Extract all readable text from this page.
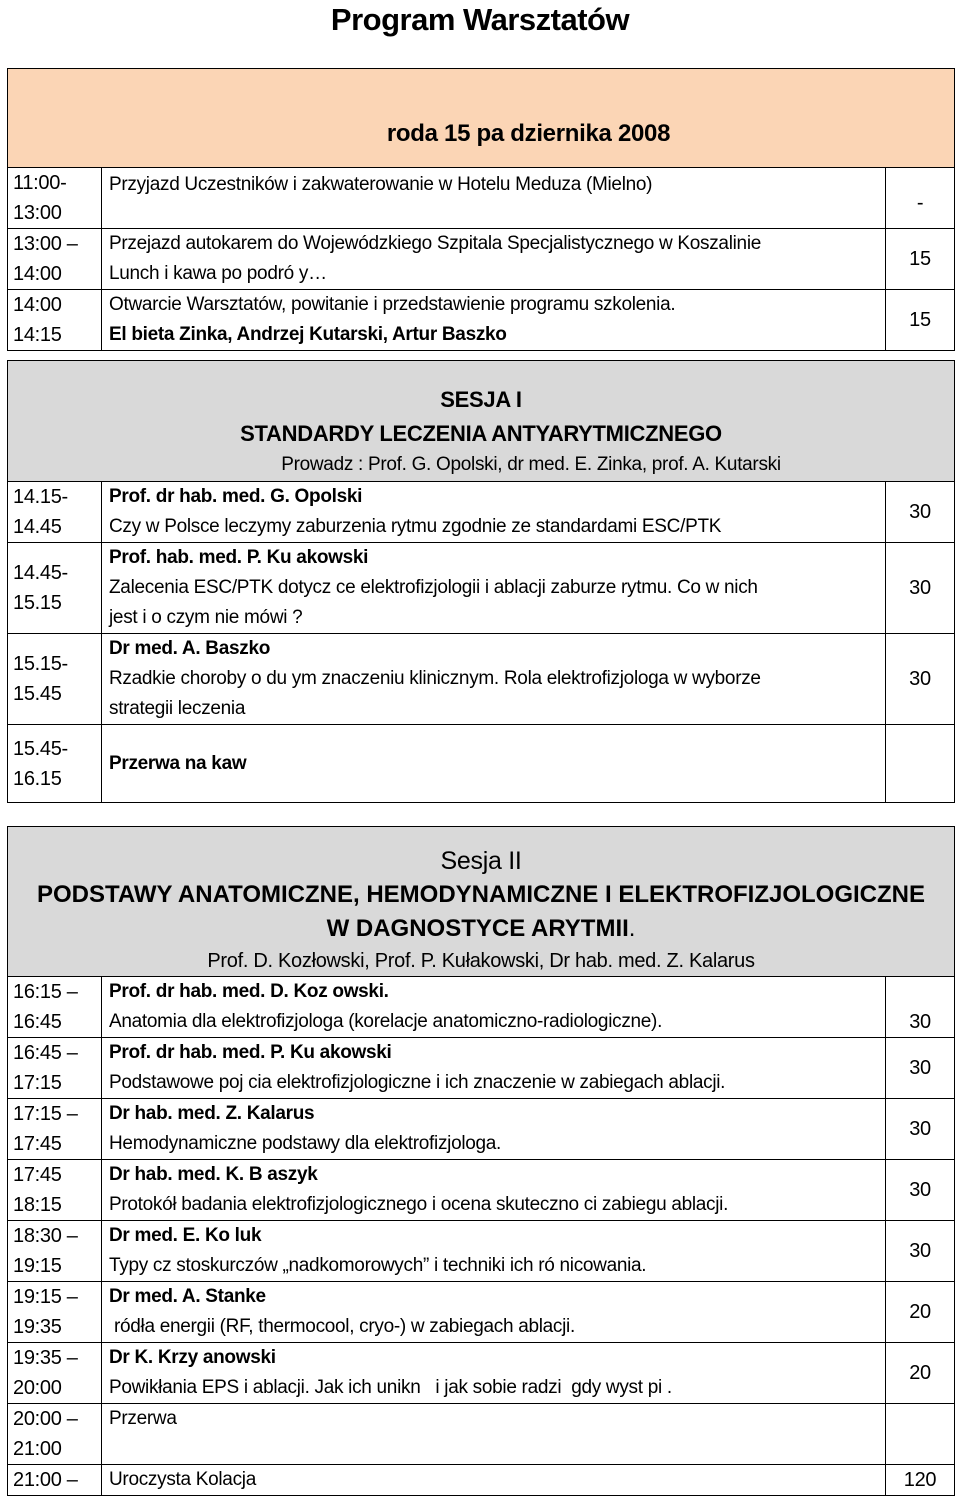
Program Warsztatów
roda 15 pa dziernika 2008		

11:00-
13:00	Przyjazd Uczestników i zakwaterowanie w Hotelu Meduza (Mielno)	-

13:00 –
14:00	Przejazd autokarem do Wojewódzkiego Szpitala Specjalistycznego w Koszalinie
Lunch i kawa po podró y…	15

14:00
14:15	Otwarcie Warsztatów, powitanie i przedstawienie programu szkolenia.
El bieta Zinka, Andrzej Kutarski, Artur Baszko	15
SESJA I
STANDARDY LECZENIA ANTYARYTMICZNEGO
Prowadz : Prof. G. Opolski, dr med. E. Zinka, prof. A. Kutarski		

14.15-
14.45	Prof. dr hab. med. G. Opolski
Czy w Polsce leczymy zaburzenia rytmu zgodnie ze standardami ESC/PTK	30

14.45-
15.15	Prof. hab. med. P. Ku akowski
Zalecenia ESC/PTK dotycz ce elektrofizjologii i ablacji zaburze rytmu. Co w nich
jest i o czym nie mówi ?	30

15.15-
15.45	Dr med. A. Baszko
Rzadkie choroby o du ym znaczeniu klinicznym. Rola elektrofizjologa w wyborze
strategii leczenia	30

15.45-
16.15	Przerwa na kaw	

Sesja II
PODSTAWY ANATOMICZNE, HEMODYNAMICZNE I ELEKTROFIZJOLOGICZNE
W DAGNOSTYCE ARYTMII.
Prof. D. Kozłowski, Prof. P. Kułakowski, Dr hab. med. Z. Kalarus		

16:15 –
16:45	Prof. dr hab. med. D. Koz owski.
Anatomia dla elektrofizjologa (korelacje anatomiczno-radiologiczne).	30

16:45 –
17:15	Prof. dr hab. med. P. Ku akowski
Podstawowe poj cia elektrofizjologiczne i ich znaczenie w zabiegach ablacji.	30

17:15 –
17:45	Dr hab. med. Z. Kalarus
Hemodynamiczne podstawy dla elektrofizjologa.	30

17:45
18:15	Dr hab. med. K. B aszyk
Protokół badania elektrofizjologicznego i ocena skuteczno ci zabiegu ablacji.	30

18:30 –
19:15	Dr med. E. Ko luk
Typy cz stoskurczów „nadkomorowych” i techniki ich ró nicowania.	30

19:15 –
19:35	Dr med. A. Stanke
ródła energii (RF, thermocool, cryo-) w zabiegach ablacji.	20

19:35 –
20:00	Dr K. Krzy anowski
Powikłania EPS i ablacji. Jak ich unikn   i jak sobie radzi  gdy wyst pi .	20

20:00 –
21:00	Przerwa	

21:00 –	Uroczysta Kolacja	120
